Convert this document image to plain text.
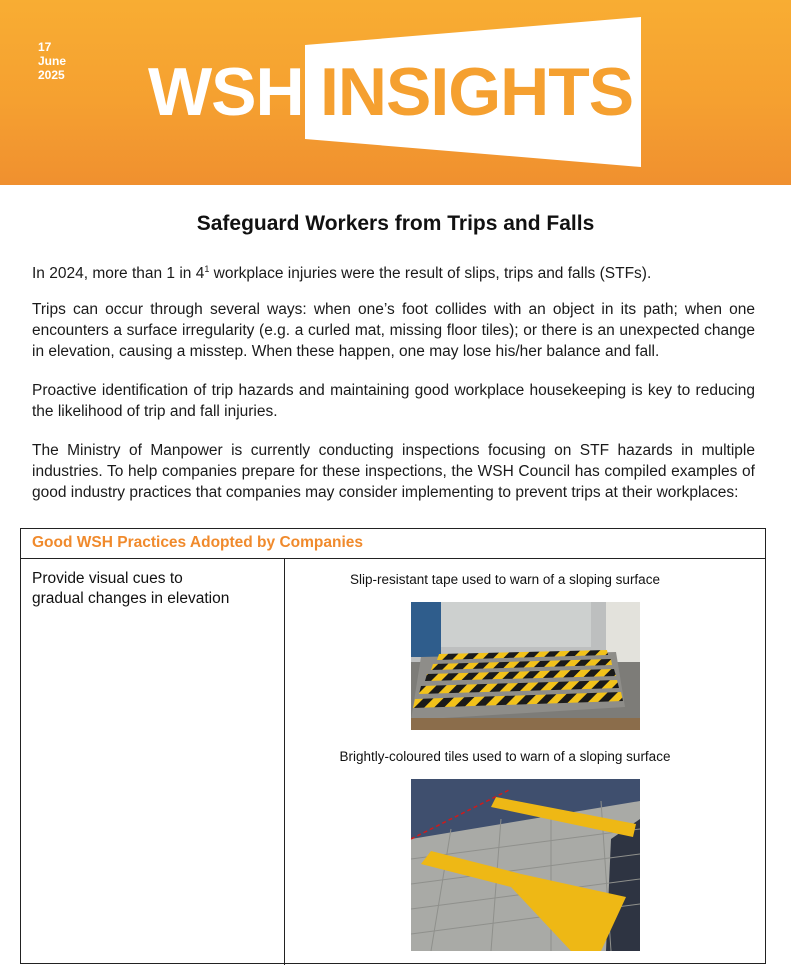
17
June
2025 WSH INSIGHTS
Safeguard Workers from Trips and Falls
In 2024, more than 1 in $4^1$ workplace injuries were the result of slips, trips and falls (STFs).
Trips can occur through several ways: when one’s foot collides with an object in its path; when one encounters a surface irregularity (e.g. a curled mat, missing floor tiles); or there is an unexpected change in elevation, causing a misstep. When these happen, one may lose his/her balance and fall.
Proactive identification of trip hazards and maintaining good workplace housekeeping is key to reducing the likelihood of trip and fall injuries.
The Ministry of Manpower is currently conducting inspections focusing on STF hazards in multiple industries. To help companies prepare for these inspections, the WSH Council has compiled examples of good industry practices that companies may consider implementing to prevent trips at their workplaces:
Good WSH Practices Adopted by Companies
Provide visual cues to gradual changes in elevation
Slip-resistant tape used to warn of a sloping surface
Brightly-coloured tiles used to warn of a sloping surface
